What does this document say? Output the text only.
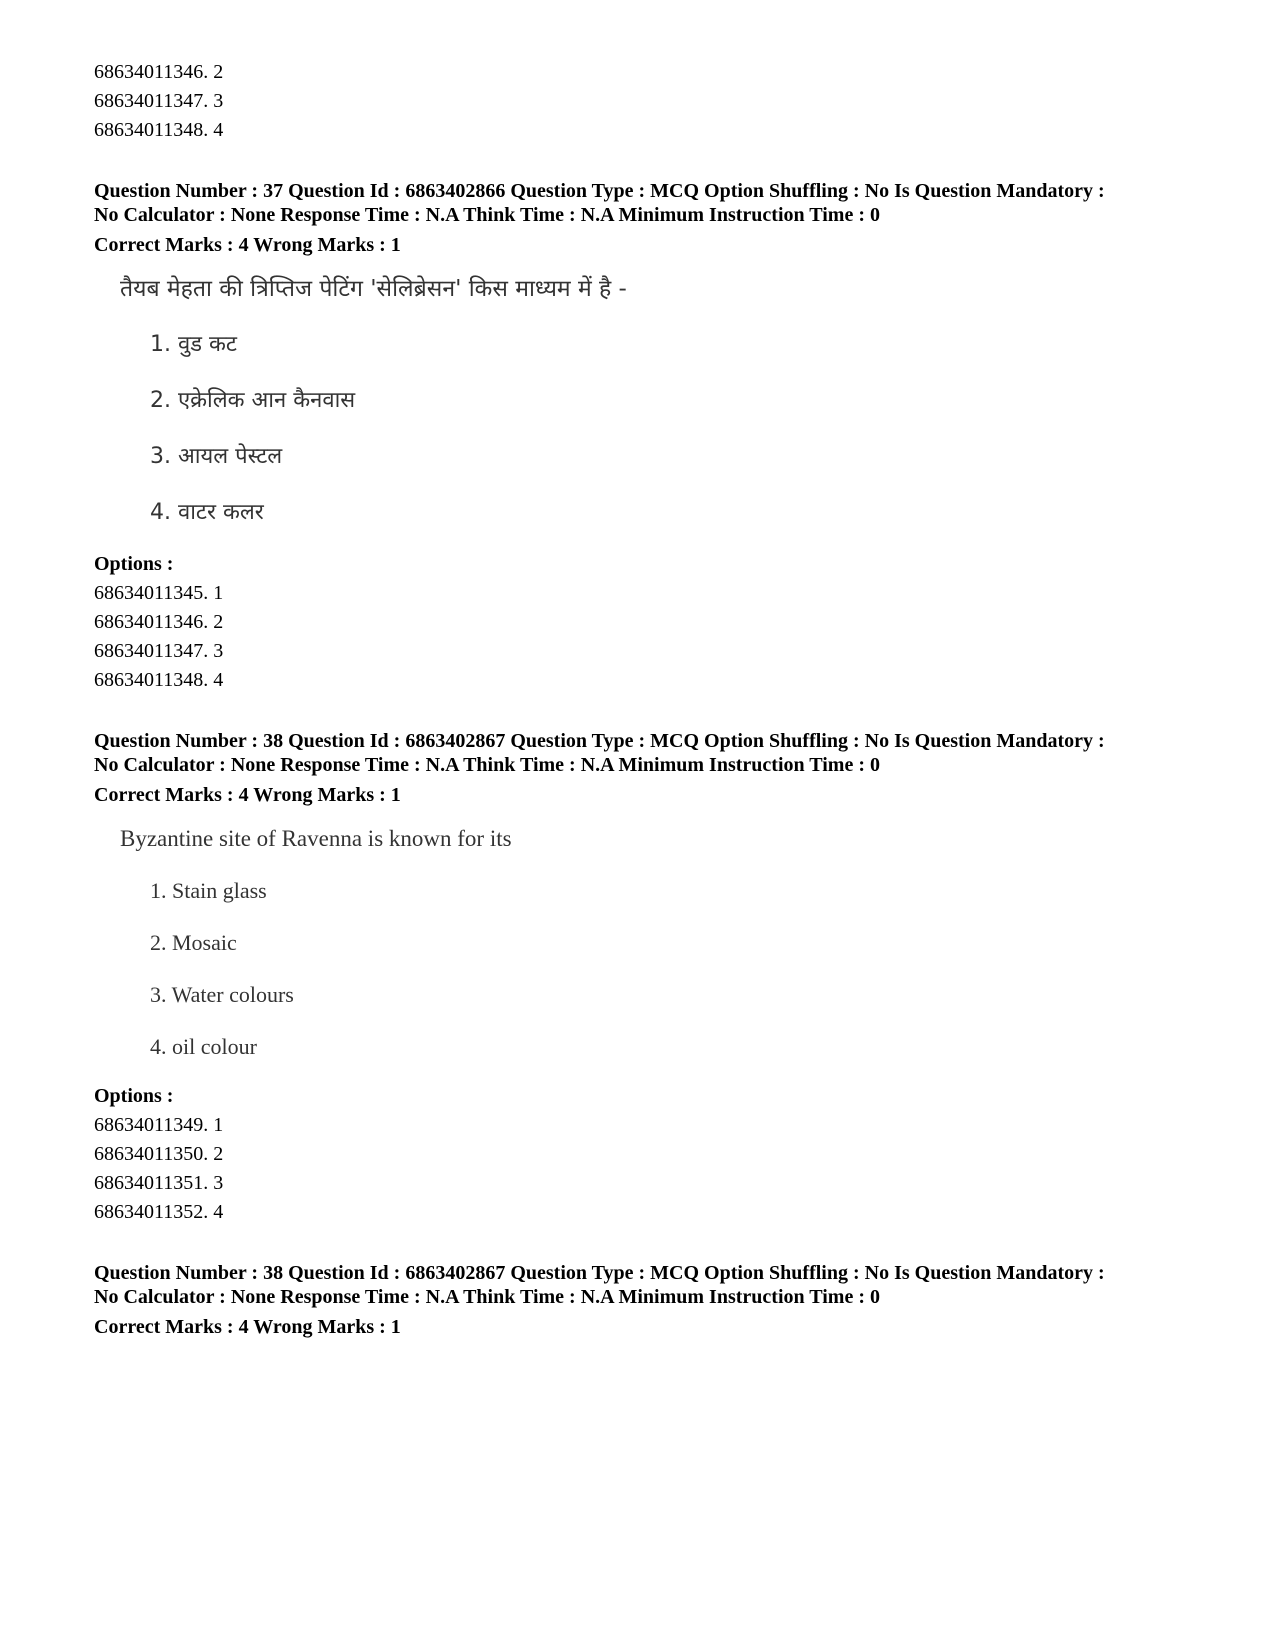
68634011346. 2
68634011347. 3
68634011348. 4
Question Number : 37 Question Id : 6863402866 Question Type : MCQ Option Shuffling : No Is Question Mandatory :
No Calculator : None Response Time : N.A Think Time : N.A Minimum Instruction Time : 0
Correct Marks : 4 Wrong Marks : 1
तैयब मेहता की त्रिप्तिज पेटिंग 'सेलिब्रेसन' किस माध्यम में है -
1. वुड कट
2. एक्रेलिक आन कैनवास
3. आयल पेस्टल
4. वाटर कलर
Options :
68634011345. 1
68634011346. 2
68634011347. 3
68634011348. 4
Question Number : 38 Question Id : 6863402867 Question Type : MCQ Option Shuffling : No Is Question Mandatory :
No Calculator : None Response Time : N.A Think Time : N.A Minimum Instruction Time : 0
Correct Marks : 4 Wrong Marks : 1
Byzantine site of Ravenna is known for its
1. Stain glass
2. Mosaic
3. Water colours
4. oil colour
Options :
68634011349. 1
68634011350. 2
68634011351. 3
68634011352. 4
Question Number : 38 Question Id : 6863402867 Question Type : MCQ Option Shuffling : No Is Question Mandatory :
No Calculator : None Response Time : N.A Think Time : N.A Minimum Instruction Time : 0
Correct Marks : 4 Wrong Marks : 1
